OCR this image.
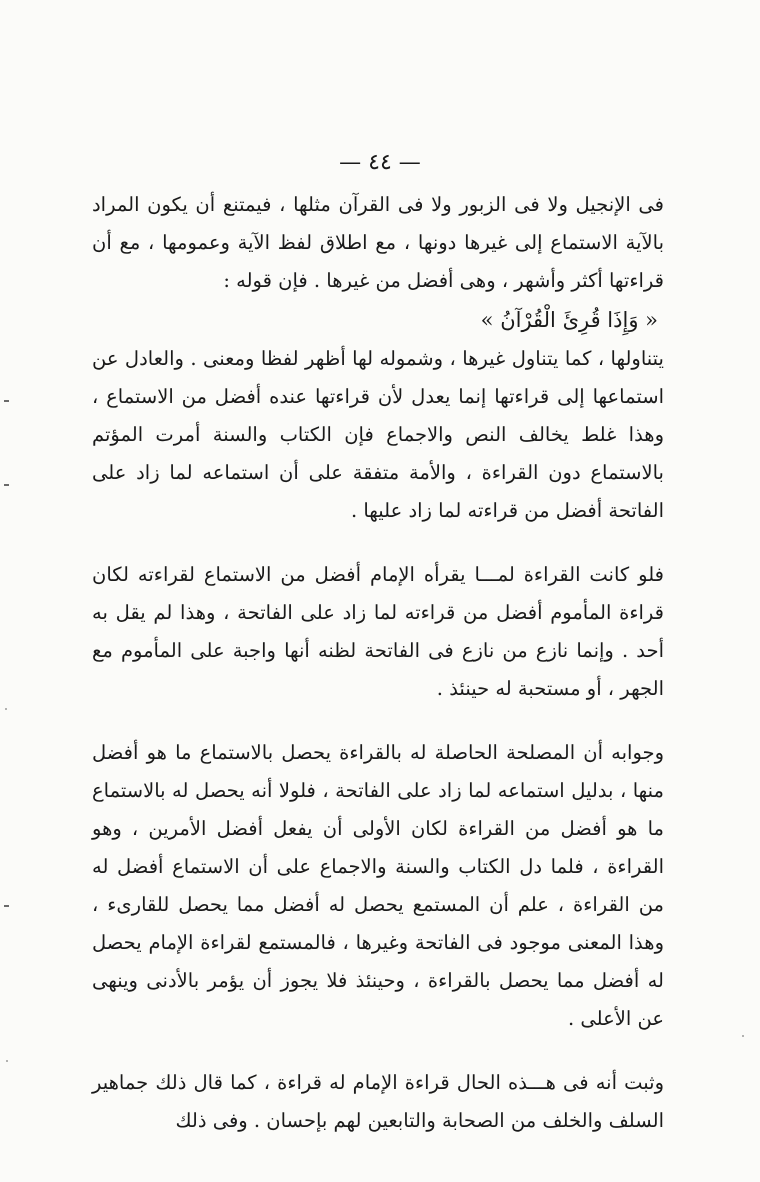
— ٤٤ —

فى الإنجيل ولا فى الزبور ولا فى القرآن مثلها ، فيمتنع أن يكون المراد بالآية الاستماع إلى غيرها دونها ، مع اطلاق لفظ الآية وعمومها ، مع أن قراءتها أكثر وأشهر ، وهى أفضل من غيرها . فإن قوله :

« وَإِذَا قُرِئَ الْقُرْآنُ »

يتناولها ، كما يتناول غيرها ، وشموله لها أظهر لفظا ومعنى . والعادل عن استماعها إلى قراءتها إنما يعدل لأن قراءتها عنده أفضل من الاستماع ، وهذا غلط يخالف النص والاجماع فإن الكتاب والسنة أمرت المؤتم بالاستماع دون القراءة ، والأمة متفقة على أن استماعه لما زاد على الفاتحة أفضل من قراءته لما زاد عليها .

فلو كانت القراءة لمـــا يقرأه الإمام أفضل من الاستماع لقراءته لكان قراءة المأموم أفضل من قراءته لما زاد على الفاتحة ، وهذا لم يقل به أحد . وإنما نازع من نازع فى الفاتحة لظنه أنها واجبة على المأموم مع الجهر ، أو مستحبة له حينئذ .

وجوابه أن المصلحة الحاصلة له بالقراءة يحصل بالاستماع ما هو أفضل منها ، بدليل استماعه لما زاد على الفاتحة ، فلولا أنه يحصل له بالاستماع ما هو أفضل من القراءة لكان الأولى أن يفعل أفضل الأمرين ، وهو القراءة ، فلما دل الكتاب والسنة والاجماع على أن الاستماع أفضل له من القراءة ، علم أن المستمع يحصل له أفضل مما يحصل للقارىء ، وهذا المعنى موجود فى الفاتحة وغيرها ، فالمستمع لقراءة الإمام يحصل له أفضل مما يحصل بالقراءة ، وحينئذ فلا يجوز أن يؤمر بالأدنى وينهى عن الأعلى .

وثبت أنه فى هـــذه الحال قراءة الإمام له قراءة ، كما قال ذلك جماهير السلف والخلف من الصحابة والتابعين لهم بإحسان . وفى ذلك
